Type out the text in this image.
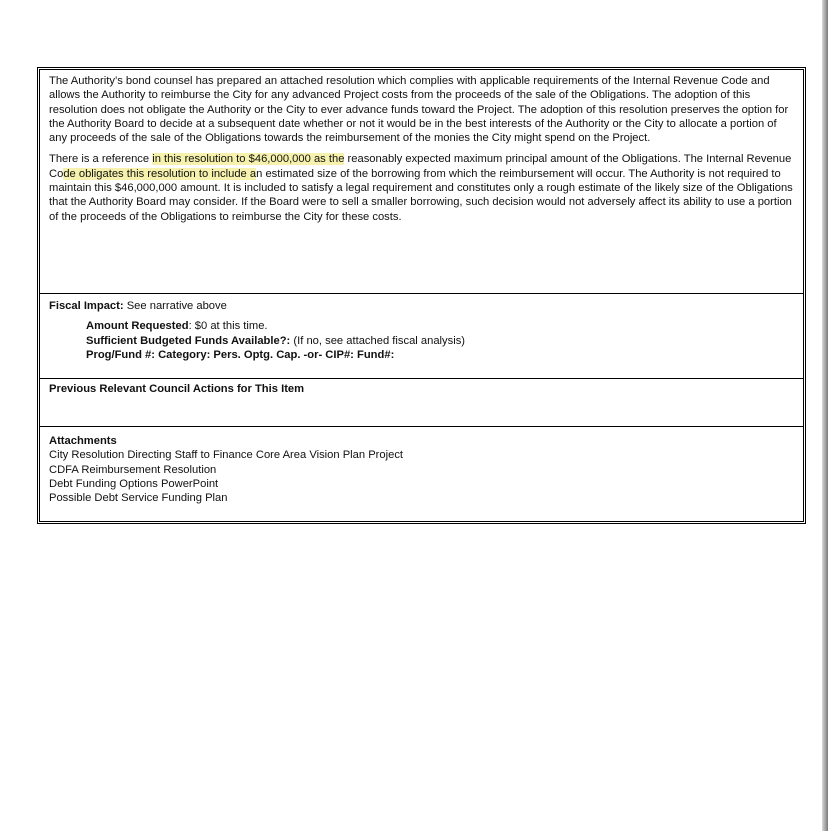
The Authority’s bond counsel has prepared an attached resolution which complies with applicable requirements of the Internal Revenue Code and allows the Authority to reimburse the City for any advanced Project costs from the proceeds of the sale of the Obligations. The adoption of this resolution does not obligate the Authority or the City to ever advance funds toward the Project. The adoption of this resolution preserves the option for the Authority Board to decide at a subsequent date whether or not it would be in the best interests of the Authority or the City to allocate a portion of any proceeds of the sale of the Obligations towards the reimbursement of the monies the City might spend on the Project.

There is a reference in this resolution to $46,000,000 as the reasonably expected maximum principal amount of the Obligations. The Internal Revenue Code obligates this resolution to include an estimated size of the borrowing from which the reimbursement will occur. The Authority is not required to maintain this $46,000,000 amount. It is included to satisfy a legal requirement and constitutes only a rough estimate of the likely size of the Obligations that the Authority Board may consider. If the Board were to sell a smaller borrowing, such decision would not adversely affect its ability to use a portion of the proceeds of the Obligations to reimburse the City for these costs.

Fiscal Impact: See narrative above
Amount Requested: $0 at this time.
Sufficient Budgeted Funds Available?: (If no, see attached fiscal analysis)
Prog/Fund #: Category: Pers. Optg. Cap. -or- CIP#: Fund#:
Previous Relevant Council Actions for This Item
Attachments
City Resolution Directing Staff to Finance Core Area Vision Plan Project
CDFA Reimbursement Resolution
Debt Funding Options PowerPoint
Possible Debt Service Funding Plan
